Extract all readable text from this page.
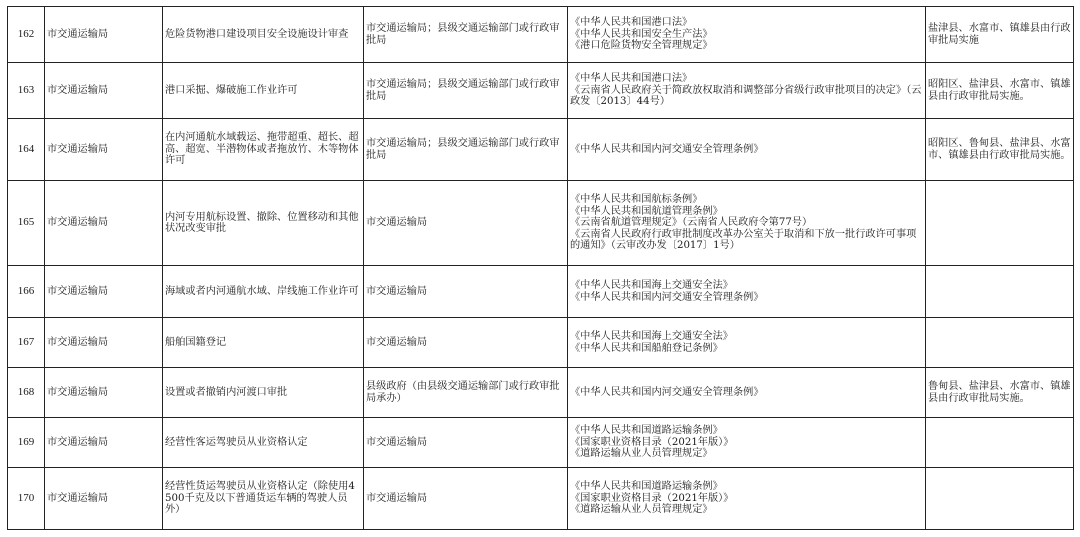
162	市交通运输局	危险货物港口建设项目安全设施设计审查	市交通运输局；县级交通运输部门或行政审批局	《中华人民共和国港口法》
《中华人民共和国安全生产法》
《港口危险货物安全管理规定》	盐津县、水富市、镇雄县由行政审批局实施

163	市交通运输局	港口采掘、爆破施工作业许可	市交通运输局；县级交通运输部门或行政审批局	《中华人民共和国港口法》
《云南省人民政府关于简政放权取消和调整部分省级行政审批项目的决定》（云政发〔2013〕44号）	昭阳区、盐津县、水富市、镇雄县由行政审批局实施。

164	市交通运输局	在内河通航水域载运、拖带超重、超长、超高、超宽、半潜物体或者拖放竹、木等物体许可	市交通运输局；县级交通运输部门或行政审批局	《中华人民共和国内河交通安全管理条例》	昭阳区、鲁甸县、盐津县、水富市、镇雄县由行政审批局实施。

165	市交通运输局	内河专用航标设置、撤除、位置移动和其他状况改变审批	市交通运输局	《中华人民共和国航标条例》
《中华人民共和国航道管理条例》
《云南省航道管理规定》（云南省人民政府令第77号）
《云南省人民政府行政审批制度改革办公室关于取消和下放一批行政许可事项的通知》（云审改办发〔2017〕1号）	

166	市交通运输局	海域或者内河通航水域、岸线施工作业许可	市交通运输局	《中华人民共和国海上交通安全法》
《中华人民共和国内河交通安全管理条例》	

167	市交通运输局	船舶国籍登记	市交通运输局	《中华人民共和国海上交通安全法》
《中华人民共和国船舶登记条例》	

168	市交通运输局	设置或者撤销内河渡口审批	县级政府（由县级交通运输部门或行政审批局承办）	《中华人民共和国内河交通安全管理条例》	鲁甸县、盐津县、水富市、镇雄县由行政审批局实施。

169	市交通运输局	经营性客运驾驶员从业资格认定	市交通运输局	《中华人民共和国道路运输条例》
《国家职业资格目录（2021年版）》
《道路运输从业人员管理规定》	

170	市交通运输局	经营性货运驾驶员从业资格认定（除使用4500千克及以下普通货运车辆的驾驶人员外）	市交通运输局	《中华人民共和国道路运输条例》
《国家职业资格目录（2021年版）》
《道路运输从业人员管理规定》	
